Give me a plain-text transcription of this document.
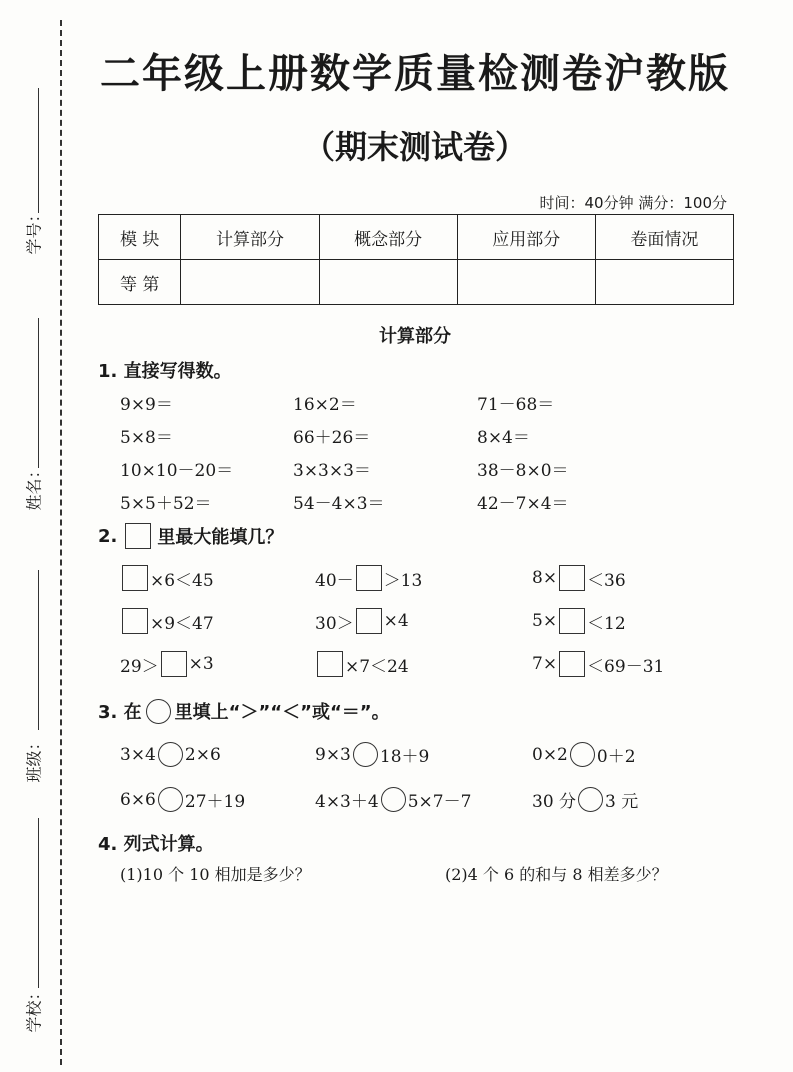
学号：
姓名：
班级：
学校：
二年级上册数学质量检测卷沪教版
（期末测试卷）
时间：40分钟 满分：100分
模 块	计算部分	概念部分	应用部分	卷面情况
等 第				
计算部分
1. 直接写得数。
9×9＝	16×2＝	71－68＝
5×8＝	66＋26＝	8×4＝
10×10－20＝	3×3×3＝	38－8×0＝
5×5＋52＝	54－4×3＝	42－7×4＝
2. 里最大能填几？
×6＜45	40－ ＞13	8× ＜36
×9＜47	30＞ ×4	5× ＜12
29＞ ×3	×7＜24	7× ＜69－31
3. 在 里填上“＞”“＜”或“＝”。
3×4 2×6	9×3 18＋9	0×2 0＋2
6×6 27＋19	4×3＋4 5×7－7	30 分 3 元
4. 列式计算。
(1)10 个 10 相加是多少？	(2)4 个 6 的和与 8 相差多少？
